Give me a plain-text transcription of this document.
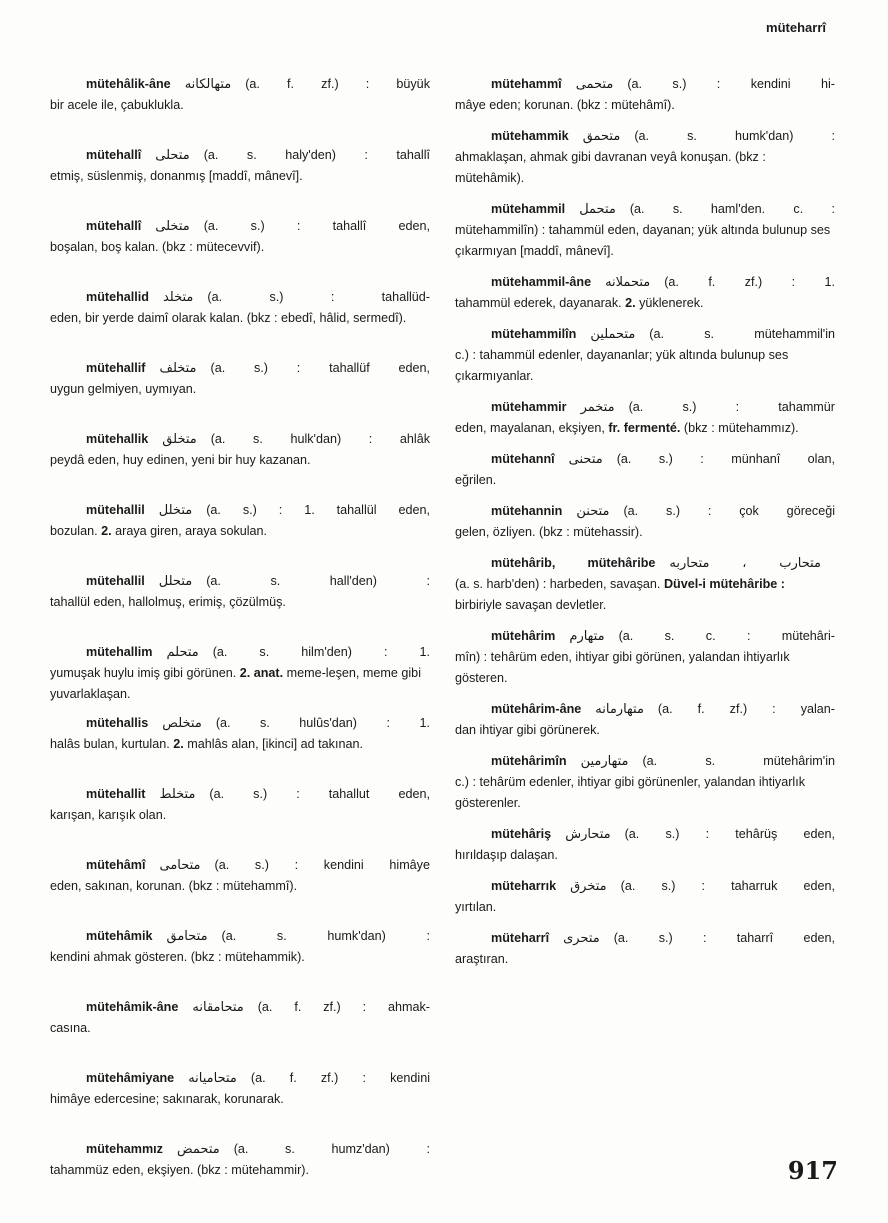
müteharrî
mütehâlik-âne متهالكانه (a. f. zf.) : büyük
bir acele ile, çabuklukla.
mütehallî متحلی (a. s. haly'den) : tahallî
etmiş, süslenmiş, donanmış [maddî, mânevî].
mütehallî متخلی (a. s.) : tahallî eden,
boşalan, boş kalan. (bkz : mütecevvif).
mütehallid متخلد (a. s.) : tahallüd-
eden, bir yerde daimî olarak kalan. (bkz : ebedî, hâlid, sermedî).
mütehallif متخلف (a. s.) : tahallüf eden,
uygun gelmiyen, uymıyan.
mütehallik متخلق (a. s. hulk'dan) : ahlâk
peydâ eden, huy edinen, yeni bir huy kazanan.
mütehallil متخلل (a. s.) : 1. tahallül eden,
bozulan. 2. araya giren, araya sokulan.
mütehallil متحلل (a. s. hall'den) :
tahallül eden, hallolmuş, erimiş, çözülmüş.
mütehallim متحلم (a. s. hilm'den) : 1.
yumuşak huylu imiş gibi görünen. 2. anat. meme-leşen, meme gibi yuvarlaklaşan.
mütehallis متخلص (a. s. hulûs'dan) : 1.
halâs bulan, kurtulan. 2. mahlâs alan, [ikinci] ad takınan.
mütehallit متخلط (a. s.) : tahallut eden,
karışan, karışık olan.
mütehâmî متحامی (a. s.) : kendini himâye
eden, sakınan, korunan. (bkz : mütehammî).
mütehâmik متحامق (a. s. humk'dan) :
kendini ahmak gösteren. (bkz : mütehammik).
mütehâmik-âne متحامقانه (a. f. zf.) : ahmak-
casına.
mütehâmiyane متحامیانه (a. f. zf.) : kendini
himâye edercesine; sakınarak, korunarak.
mütehammız متحمض (a. s. humz'dan) :
tahammüz eden, ekşiyen. (bkz : mütehammir).
mütehammî متحمی (a. s.) : kendini hi-
mâye eden; korunan. (bkz : mütehâmî).
mütehammik متحمق (a. s. humk'dan) :
ahmaklaşan, ahmak gibi davranan veyâ konuşan. (bkz : mütehâmik).
mütehammil متحمل (a. s. haml'den. c. :
mütehammilîn) : tahammül eden, dayanan; yük altında bulunup ses çıkarmıyan [maddî, mânevî].
mütehammil-âne متحملانه (a. f. zf.) : 1.
tahammül ederek, dayanarak. 2. yüklenerek.
mütehammilîn متحملین (a. s. mütehammil'in
c.) : tahammül edenler, dayananlar; yük altında bulunup ses çıkarmıyanlar.
mütehammir متخمر (a. s.) : tahammür
eden, mayalanan, ekşiyen, fr. fermenté. (bkz : mütehammız).
mütehannî متحنی (a. s.) : münhanî olan,
eğrilen.
mütehannin متحنن (a. s.) : çok göreceği
gelen, özliyen. (bkz : mütehassir).
mütehârib, mütehâribe متحارب ، متحاربه
(a. s. harb'den) : harbeden, savaşan. Düvel-i mütehâribe : birbiriyle savaşan devletler.
mütehârim متهارم (a. s. c. : mütehâri-
mîn) : tehârüm eden, ihtiyar gibi görünen, yalandan ihtiyarlık gösteren.
mütehârim-âne متهارمانه (a. f. zf.) : yalan-
dan ihtiyar gibi görünerek.
mütehârimîn متهارمین (a. s. mütehârim'in
c.) : tehârüm edenler, ihtiyar gibi görünenler, yalandan ihtiyarlık gösterenler.
mütehâriş متحارش (a. s.) : tehârüş eden,
hırıldaşıp dalaşan.
müteharrık متخرق (a. s.) : taharruk eden,
yırtılan.
müteharrî متحری (a. s.) : taharrî eden,
araştıran.
917
